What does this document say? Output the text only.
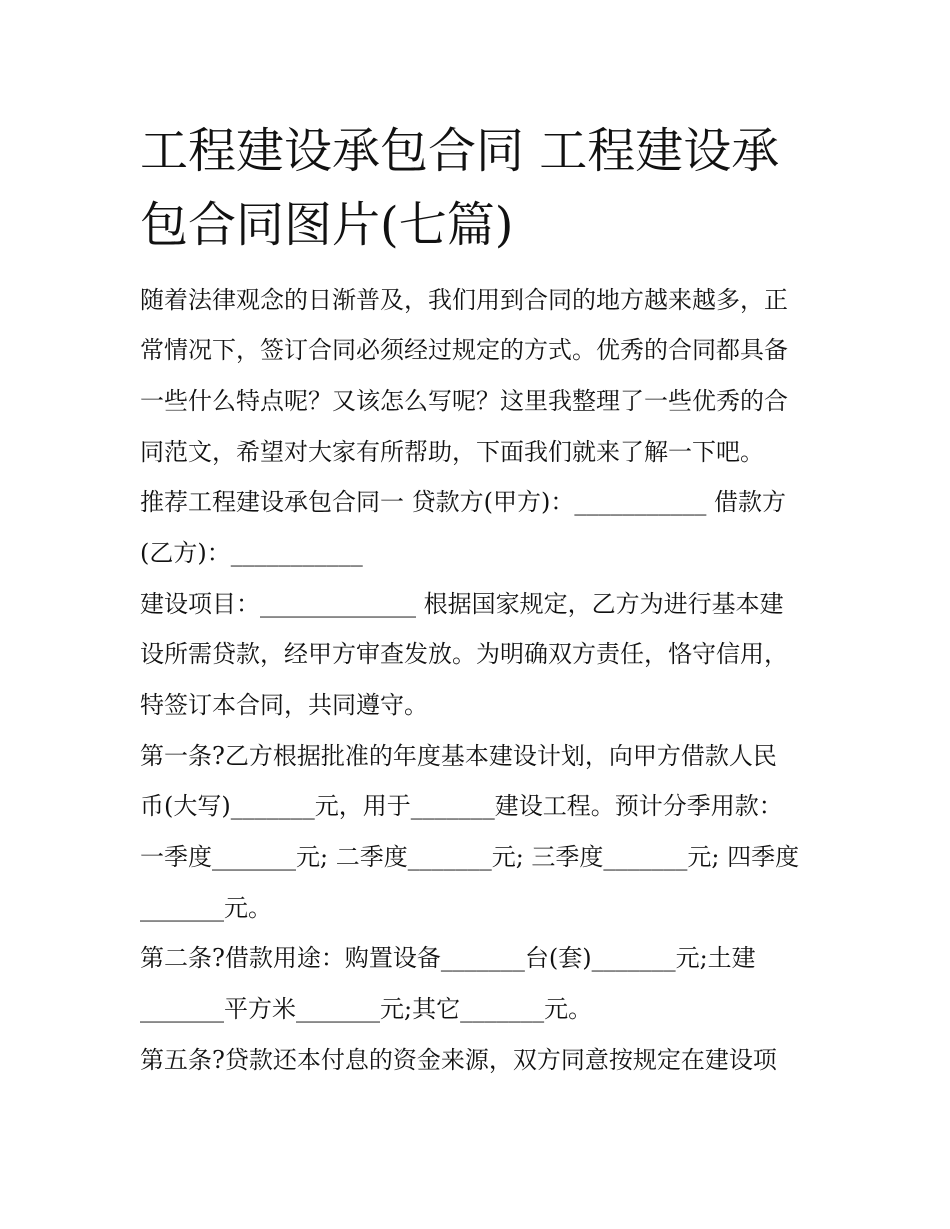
工程建设承包合同 工程建设承
包合同图片(七篇)
随着法律观念的日渐普及，我们用到合同的地方越来越多，正
常情况下，签订合同必须经过规定的方式。优秀的合同都具备
一些什么特点呢？又该怎么写呢？这里我整理了一些优秀的合
同范文，希望对大家有所帮助，下面我们就来了解一下吧。
推荐工程建设承包合同一 贷款方(甲方)：___________ 借款方
(乙方)：___________
建设项目：_____________ 根据国家规定，乙方为进行基本建
设所需贷款，经甲方审查发放。为明确双方责任，恪守信用，
特签订本合同，共同遵守。
第一条?乙方根据批准的年度基本建设计划，向甲方借款人民
币(大写)_______元，用于_______建设工程。预计分季用款：
一季度_______元; 二季度_______元; 三季度_______元; 四季度
_______元。
第二条?借款用途：购置设备_______台(套)_______元;土建
_______平方米_______元;其它_______元。
第五条?贷款还本付息的资金来源，双方同意按规定在建设项
